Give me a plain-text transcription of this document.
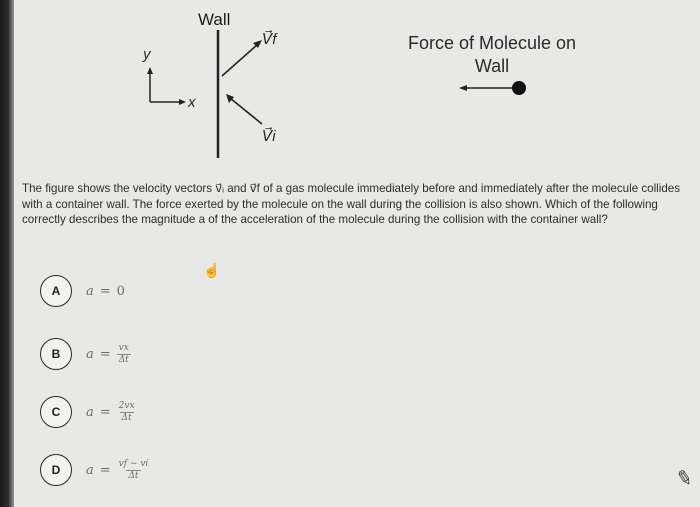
Wall
V⃗f
V⃗i
y
x
Force of Molecule on Wall
The figure shows the velocity vectors v⃗ᵢ and v⃗f of a gas molecule immediately before and immediately after the molecule collides with a container wall. The force exerted by the molecule on the wall during the collision is also shown. Which of the following correctly describes the magnitude a of the acceleration of the molecule during the collision with the container wall?
☝
A	a = 0
B	$a = \frac{vx}{\Delta t}$
C	$a = \frac{2vx}{\Delta t}$
D	$a = \frac{vf - vi}{\Delta t}$	✎
